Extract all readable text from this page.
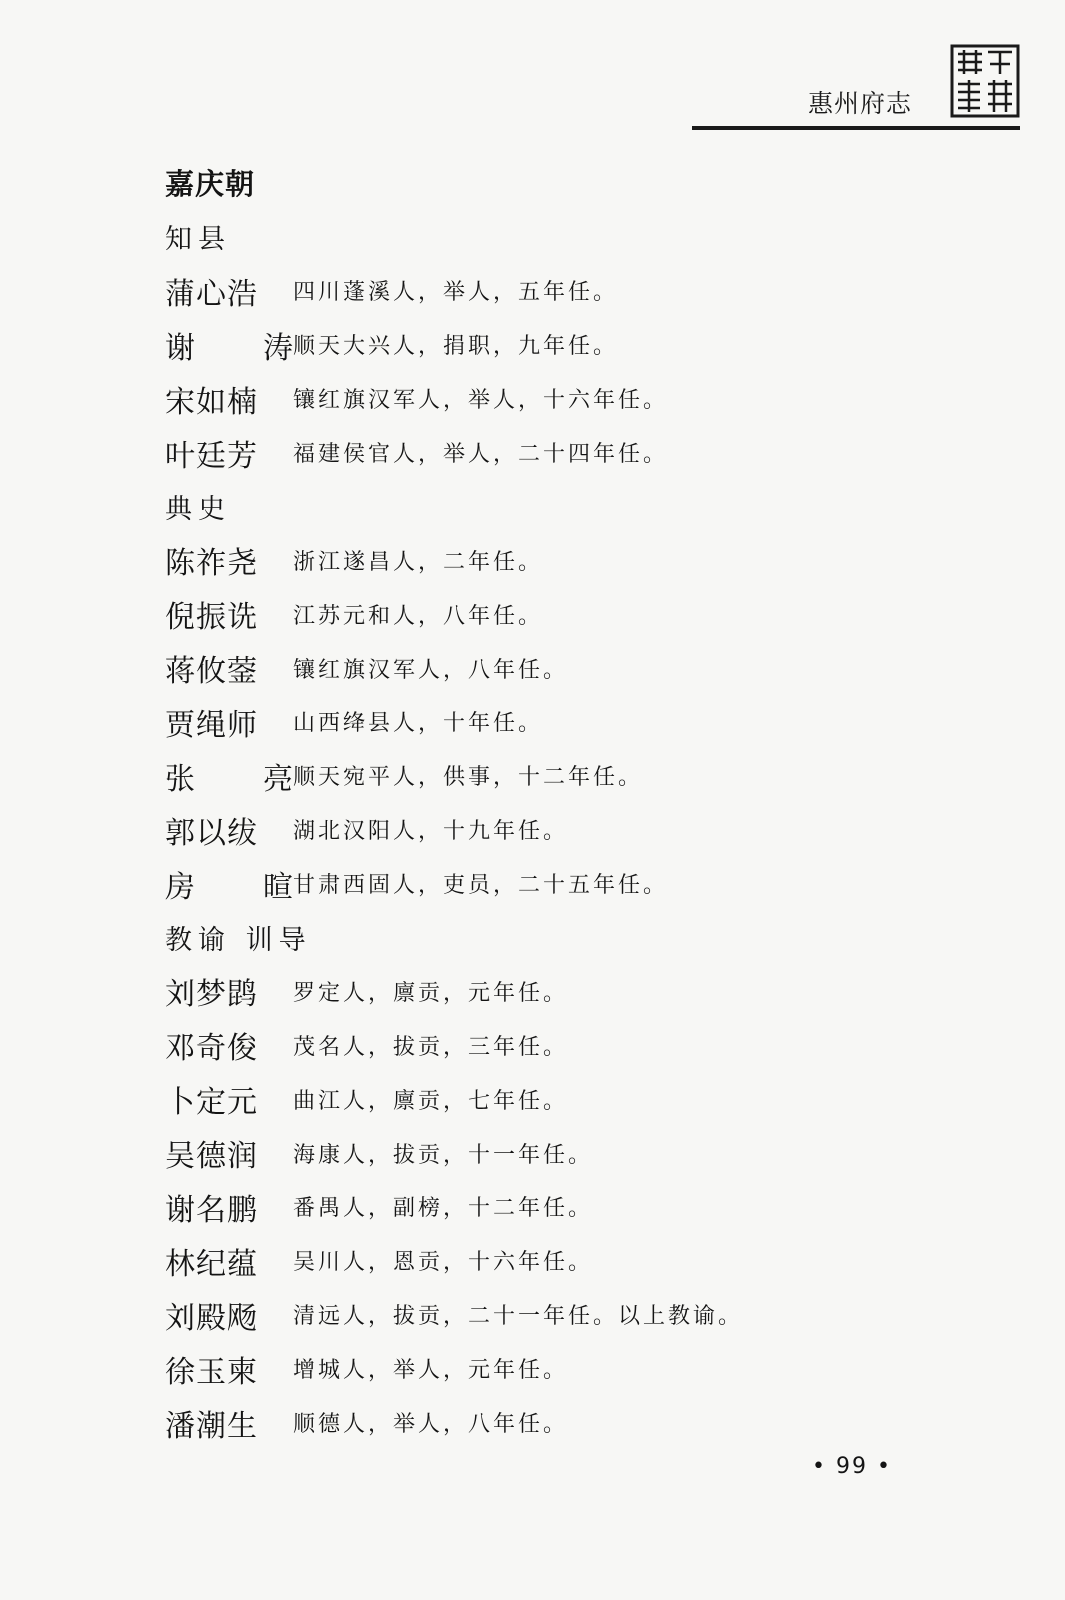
惠州府志
嘉庆朝
知县
蒲心浩	四川蓬溪人，举人，五年任。
谢 涛 顺天大兴人，捐职，九年任。
宋如楠	镶红旗汉军人，举人，十六年任。
叶廷芳	福建侯官人，举人，二十四年任。
典史
陈祚尧	浙江遂昌人，二年任。
倪振诜	江苏元和人，八年任。
蒋攸蓥	镶红旗汉军人，八年任。
贾绳师	山西绛县人，十年任。
张 亮 顺天宛平人，供事，十二年任。
郭以绂	湖北汉阳人，十九年任。
房 暄 甘肃西固人，吏员，二十五年任。
教谕 训导
刘梦鹍	罗定人，廪贡，元年任。
邓奇俊	茂名人，拔贡，三年任。
卜定元	曲江人，廪贡，七年任。
吴德润	海康人，拔贡，十一年任。
谢名鹏	番禺人，副榜，十二年任。
林纪蕴	吴川人，恩贡，十六年任。
刘殿飏	清远人，拔贡，二十一年任。以上教谕。
徐玉柬	增城人，举人，元年任。
潘潮生	顺德人，举人，八年任。
• 99 •
